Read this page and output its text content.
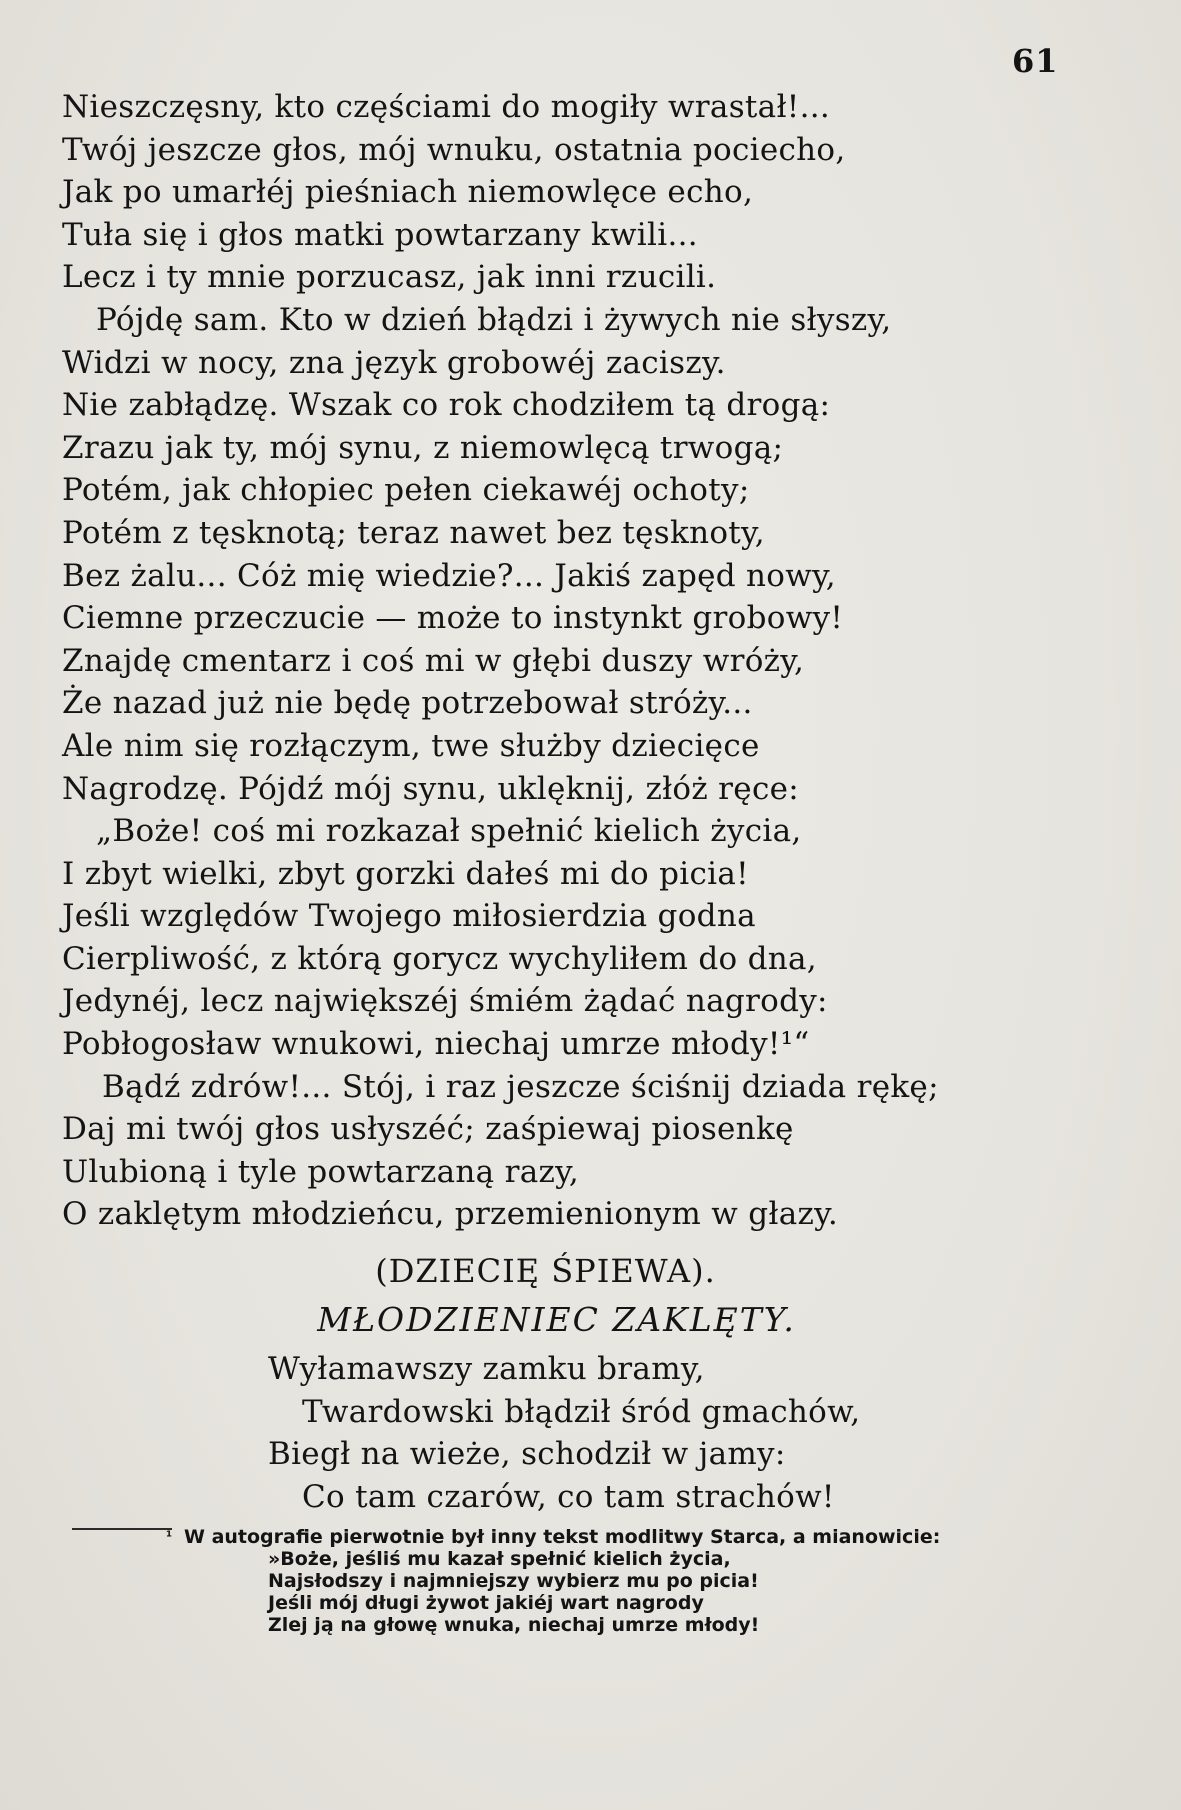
61
Nieszczęsny, kto częściami do mogiły wrastał!...
Twój jeszcze głos, mój wnuku, ostatnia pociecho,
Jak po umarłéj pieśniach niemowlęce echo,
Tuła się i głos matki powtarzany kwili...
Lecz i ty mnie porzucasz, jak inni rzucili.
Pójdę sam. Kto w dzień błądzi i żywych nie słyszy,
Widzi w nocy, zna język grobowéj zaciszy.
Nie zabłądzę. Wszak co rok chodziłem tą drogą:
Zrazu jak ty, mój synu, z niemowlęcą trwogą;
Potém, jak chłopiec pełen ciekawéj ochoty;
Potém z tęsknotą; teraz nawet bez tęsknoty,
Bez żalu... Cóż mię wiedzie?... Jakiś zapęd nowy,
Ciemne przeczucie — może to instynkt grobowy!
Znajdę cmentarz i coś mi w głębi duszy wróży,
Że nazad już nie będę potrzebował stróży...
Ale nim się rozłączym, twe służby dziecięce
Nagrodzę. Pójdź mój synu, uklęknij, złóż ręce:
„Boże! coś mi rozkazał spełnić kielich życia,
I zbyt wielki, zbyt gorzki dałeś mi do picia!
Jeśli względów Twojego miłosierdzia godna
Cierpliwość, z którą gorycz wychyliłem do dna,
Jedynéj, lecz największéj śmiém żądać nagrody:
Pobłogosław wnukowi, niechaj umrze młody!¹“
Bądź zdrów!... Stój, i raz jeszcze ściśnij dziada rękę;
Daj mi twój głos usłyszéć; zaśpiewaj piosenkę
Ulubioną i tyle powtarzaną razy,
O zaklętym młodzieńcu, przemienionym w głazy.
(DZIECIĘ ŚPIEWA).
MŁODZIENIEC ZAKLĘTY.
Wyłamawszy zamku bramy,
Twardowski błądził śród gmachów,
Biegł na wieże, schodził w jamy:
Co tam czarów, co tam strachów!
¹ W autografie pierwotnie był inny tekst modlitwy Starca, a mianowicie:
»Boże, jeśliś mu kazał spełnić kielich życia,
Najsłodszy i najmniejszy wybierz mu po picia!
Jeśli mój długi żywot jakiéj wart nagrody
Zlej ją na głowę wnuka, niechaj umrze młody!
